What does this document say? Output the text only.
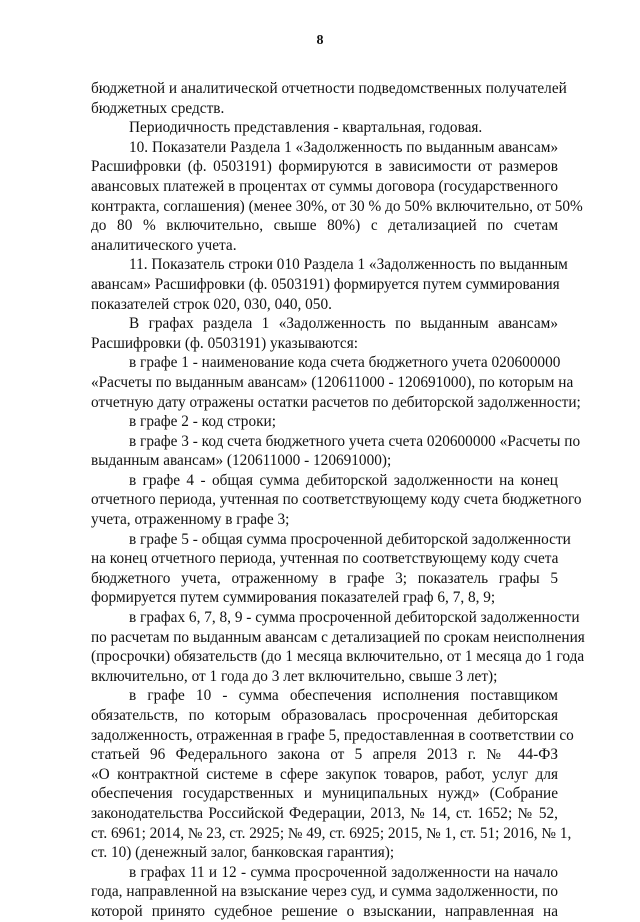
8
бюджетной и аналитической отчетности подведомственных получателей
бюджетных средств.
Периодичность представления - квартальная, годовая.
10. Показатели Раздела 1 «Задолженность по выданным авансам»
Расшифровки (ф. 0503191) формируются в зависимости от размеров
авансовых платежей в процентах от суммы договора (государственного
контракта, соглашения) (менее 30%, от 30 % до 50% включительно, от 50%
до 80 % включительно, свыше 80%) с детализацией по счетам
аналитического учета.
11. Показатель строки 010 Раздела 1 «Задолженность по выданным
авансам» Расшифровки (ф. 0503191) формируется путем суммирования
показателей строк 020, 030, 040, 050.
В графах раздела 1 «Задолженность по выданным авансам»
Расшифровки (ф. 0503191) указываются:
в графе 1 - наименование кода счета бюджетного учета 020600000
«Расчеты по выданным авансам» (120611000 - 120691000), по которым на
отчетную дату отражены остатки расчетов по дебиторской задолженности;
в графе 2 - код строки;
в графе 3 - код счета бюджетного учета счета 020600000 «Расчеты по
выданным авансам» (120611000 - 120691000);
в графе 4 - общая сумма дебиторской задолженности на конец
отчетного периода, учтенная по соответствующему коду счета бюджетного
учета, отраженному в графе 3;
в графе 5 - общая сумма просроченной дебиторской задолженности
на конец отчетного периода, учтенная по соответствующему коду счета
бюджетного учета, отраженному в графе 3; показатель графы 5
формируется путем суммирования показателей граф 6, 7, 8, 9;
в графах 6, 7, 8, 9 - сумма просроченной дебиторской задолженности
по расчетам по выданным авансам с детализацией по срокам неисполнения
(просрочки) обязательств (до 1 месяца включительно, от 1 месяца до 1 года
включительно, от 1 года до 3 лет включительно, свыше 3 лет);
в графе 10 - сумма обеспечения исполнения поставщиком
обязательств, по которым образовалась просроченная дебиторская
задолженность, отраженная в графе 5, предоставленная в соответствии со
статьей 96 Федерального закона от 5 апреля 2013 г. № 44-ФЗ
«О контрактной системе в сфере закупок товаров, работ, услуг для
обеспечения государственных и муниципальных нужд» (Собрание
законодательства Российской Федерации, 2013, № 14, ст. 1652; № 52,
ст. 6961; 2014, № 23, ст. 2925; № 49, ст. 6925; 2015, № 1, ст. 51; 2016, № 1,
ст. 10) (денежный залог, банковская гарантия);
в графах 11 и 12 - сумма просроченной задолженности на начало
года, направленной на взыскание через суд, и сумма задолженности, по
которой принято судебное решение о взыскании, направленная на
